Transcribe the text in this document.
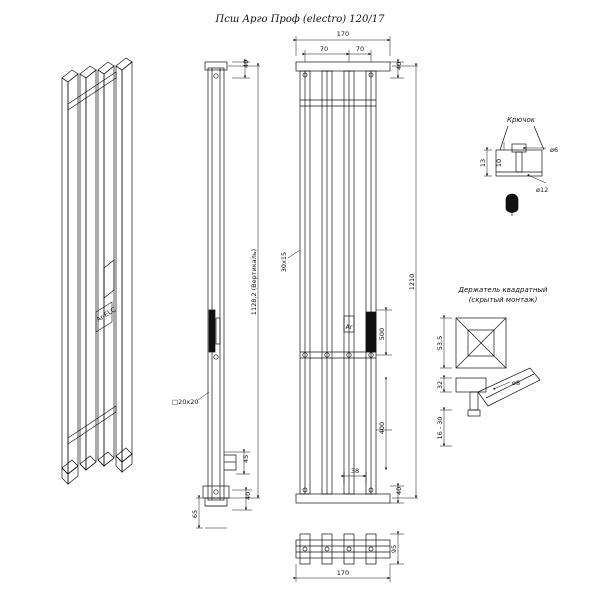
Псш Арго Проф (electro) 120/17
Ar-ELC
40
1128,2 (Вертикаль)
□20х20
45
40
65
Ar
170
70	70
40
1210
30х15
500
400
38
40
95
170
Крючок
13 10
ø6
ø12
Держатель квадратный
(скрытый монтаж)
53,5
32
16 - 30
ø8
